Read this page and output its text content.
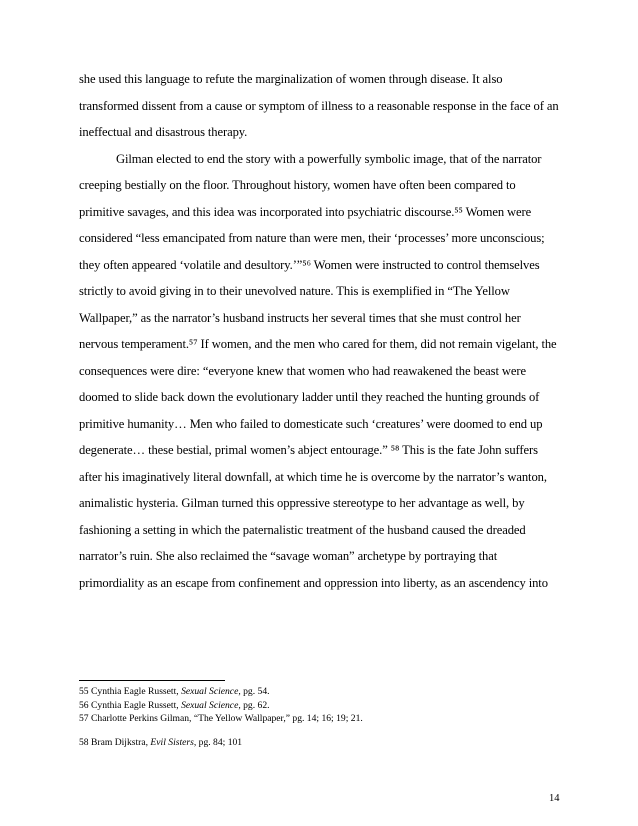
she used this language to refute the marginalization of women through disease. It also
transformed dissent from a cause or symptom of illness to a reasonable response in the face of an
ineffectual and disastrous therapy.
Gilman elected to end the story with a powerfully symbolic image, that of the narrator
creeping bestially on the floor. Throughout history, women have often been compared to
primitive savages, and this idea was incorporated into psychiatric discourse.⁵⁵ Women were
considered “less emancipated from nature than were men, their ‘processes’ more unconscious;
they often appeared ‘volatile and desultory.’”⁵⁶ Women were instructed to control themselves
strictly to avoid giving in to their unevolved nature. This is exemplified in “The Yellow
Wallpaper,” as the narrator’s husband instructs her several times that she must control her
nervous temperament.⁵⁷ If women, and the men who cared for them, did not remain vigelant, the
consequences were dire: “everyone knew that women who had reawakened the beast were
doomed to slide back down the evolutionary ladder until they reached the hunting grounds of
primitive humanity… Men who failed to domesticate such ‘creatures’ were doomed to end up
degenerate… these bestial, primal women’s abject entourage.” ⁵⁸ This is the fate John suffers
after his imaginatively literal downfall, at which time he is overcome by the narrator’s wanton,
animalistic hysteria. Gilman turned this oppressive stereotype to her advantage as well, by
fashioning a setting in which the paternalistic treatment of the husband caused the dreaded
narrator’s ruin. She also reclaimed the “savage woman” archetype by portraying that
primordiality as an escape from confinement and oppression into liberty, as an ascendency into
55 Cynthia Eagle Russett, Sexual Science, pg. 54.
56 Cynthia Eagle Russett, Sexual Science, pg. 62.
57 Charlotte Perkins Gilman, “The Yellow Wallpaper,” pg. 14; 16; 19; 21.
58 Bram Dijkstra, Evil Sisters, pg. 84; 101
14
